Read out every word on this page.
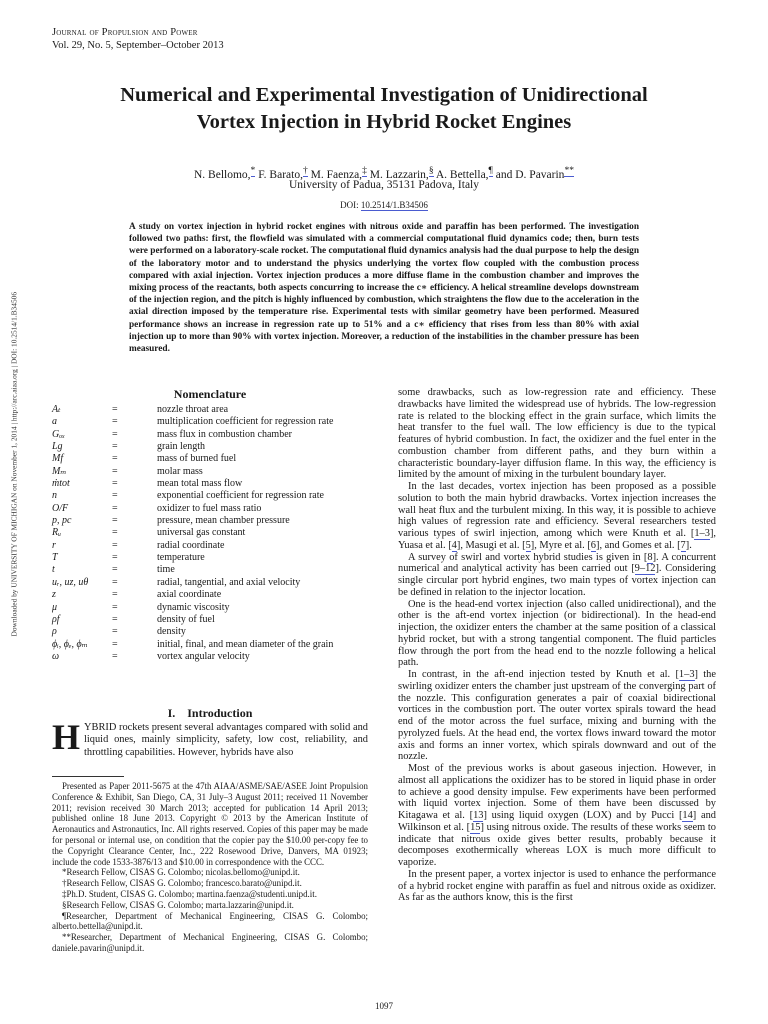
Downloaded by UNIVERSITY OF MICHIGAN on November 1, 2014 | http://arc.aiaa.org | DOI: 10.2514/1.B34506
Journal of Propulsion and Power
Vol. 29, No. 5, September–October 2013
Numerical and Experimental Investigation of Unidirectional
Vortex Injection in Hybrid Rocket Engines
N. Bellomo,* F. Barato,† M. Faenza,‡ M. Lazzarin,§ A. Bettella,¶ and D. Pavarin**
University of Padua, 35131 Padova, Italy
DOI: 10.2514/1.B34506
A study on vortex injection in hybrid rocket engines with nitrous oxide and paraffin has been performed. The investigation followed two paths: first, the flowfield was simulated with a commercial computational fluid dynamics code; then, burn tests were performed on a laboratory-scale rocket. The computational fluid dynamics analysis had the dual purpose to help the design of the laboratory motor and to understand the physics underlying the vortex flow coupled with the combustion process compared with axial injection. Vortex injection produces a more diffuse flame in the combustion chamber and improves the mixing process of the reactants, both aspects concurring to increase the c∗ efficiency. A helical streamline develops downstream of the injection region, and the pitch is highly influenced by combustion, which straightens the flow due to the acceleration in the axial direction imposed by the temperature rise. Experimental tests with similar geometry have been performed. Measured performance shows an increase in regression rate up to 51% and a c∗ efficiency that rises from less than 80% with axial injection up to more than 90% with vortex injection. Moreover, a reduction of the instabilities in the chamber pressure has been measured.
Nomenclature
Aₜ	=	nozzle throat area
a	=	multiplication coefficient for regression rate
Gₒₓ	=	mass flux in combustion chamber
Lg	=	grain length
Mf	=	mass of burned fuel
Mₘ	=	molar mass
ṁtot	=	mean total mass flow
n	=	exponential coefficient for regression rate
O/F	=	oxidizer to fuel mass ratio
p, pc	=	pressure, mean chamber pressure
Rᵤ	=	universal gas constant
r	=	radial coordinate
T	=	temperature
t	=	time
uᵣ, uz, uθ	=	radial, tangential, and axial velocity
z	=	axial coordinate
μ	=	dynamic viscosity
ρf	=	density of fuel
ρ	=	density
ϕᵢ, ϕₑ, ϕₘ	=	initial, final, and mean diameter of the grain
ω	=	vortex angular velocity
I. Introduction
HYBRID rockets present several advantages compared with solid and liquid ones, mainly simplicity, safety, low cost, reliability, and throttling capabilities. However, hybrids have also

Presented as Paper 2011-5675 at the 47th AIAA/ASME/SAE/ASEE Joint Propulsion Conference & Exhibit, San Diego, CA, 31 July–3 August 2011; received 11 November 2011; revision received 30 March 2013; accepted for publication 14 April 2013; published online 18 June 2013. Copyright © 2013 by the American Institute of Aeronautics and Astronautics, Inc. All rights reserved. Copies of this paper may be made for personal or internal use, on condition that the copier pay the $10.00 per-copy fee to the Copyright Clearance Center, Inc., 222 Rosewood Drive, Danvers, MA 01923; include the code 1533-3876/13 and $10.00 in correspondence with the CCC.

*Research Fellow, CISAS G. Colombo; nicolas.bellomo@unipd.it.

†Research Fellow, CISAS G. Colombo; francesco.barato@unipd.it.

‡Ph.D. Student, CISAS G. Colombo; martina.faenza@studenti.unipd.it.

§Research Fellow, CISAS G. Colombo; marta.lazzarin@unipd.it.

¶Researcher, Department of Mechanical Engineering, CISAS G. Colombo; alberto.bettella@unipd.it.

**Researcher, Department of Mechanical Engineering, CISAS G. Colombo; daniele.pavarin@unipd.it.

some drawbacks, such as low-regression rate and efficiency. These drawbacks have limited the widespread use of hybrids. The low-regression rate is related to the blocking effect in the grain surface, which limits the heat transfer to the fuel wall. The low efficiency is due to the typical features of hybrid combustion. In fact, the oxidizer and the fuel enter in the combustion chamber from different paths, and they burn within a characteristic boundary-layer diffusion flame. In this way, the efficiency is limited by the amount of mixing in the turbulent boundary layer.

In the last decades, vortex injection has been proposed as a possible solution to both the main hybrid drawbacks. Vortex injection increases the wall heat flux and the turbulent mixing. In this way, it is possible to achieve high values of regression rate and efficiency. Several researchers tested various types of swirl injection, among which were Knuth et al. [1–3], Yuasa et al. [4], Masugi et al. [5], Myre et al. [6], and Gomes et al. [7].

A survey of swirl and vortex hybrid studies is given in [8]. A concurrent numerical and analytical activity has been carried out [9–12]. Considering single circular port hybrid engines, two main types of vortex injection can be defined in relation to the injector location.

One is the head-end vortex injection (also called unidirectional), and the other is the aft-end vortex injection (or bidirectional). In the head-end injection, the oxidizer enters the chamber at the same position of a classical hybrid rocket, but with a strong tangential component. The fluid particles flow through the port from the head end to the nozzle following a helical path.

In contrast, in the aft-end injection tested by Knuth et al. [1–3] the swirling oxidizer enters the chamber just upstream of the converging part of the nozzle. This configuration generates a pair of coaxial bidirectional vortices in the combustion port. The outer vortex spirals toward the head end of the motor across the fuel surface, mixing and burning with the pyrolyzed fuels. At the head end, the vortex flows inward toward the motor axis and forms an inner vortex, which spirals downward and out of the nozzle.

Most of the previous works is about gaseous injection. However, in almost all applications the oxidizer has to be stored in liquid phase in order to achieve a good density impulse. Few experiments have been performed with liquid vortex injection. Some of them have been discussed by Kitagawa et al. [13] using liquid oxygen (LOX) and by Pucci [14] and Wilkinson et al. [15] using nitrous oxide. The results of these works seem to indicate that nitrous oxide gives better results, probably because it decomposes exothermically whereas LOX is much more difficult to vaporize.

In the present paper, a vortex injector is used to enhance the performance of a hybrid rocket engine with paraffin as fuel and nitrous oxide as oxidizer. As far as the authors know, this is the first

1097
